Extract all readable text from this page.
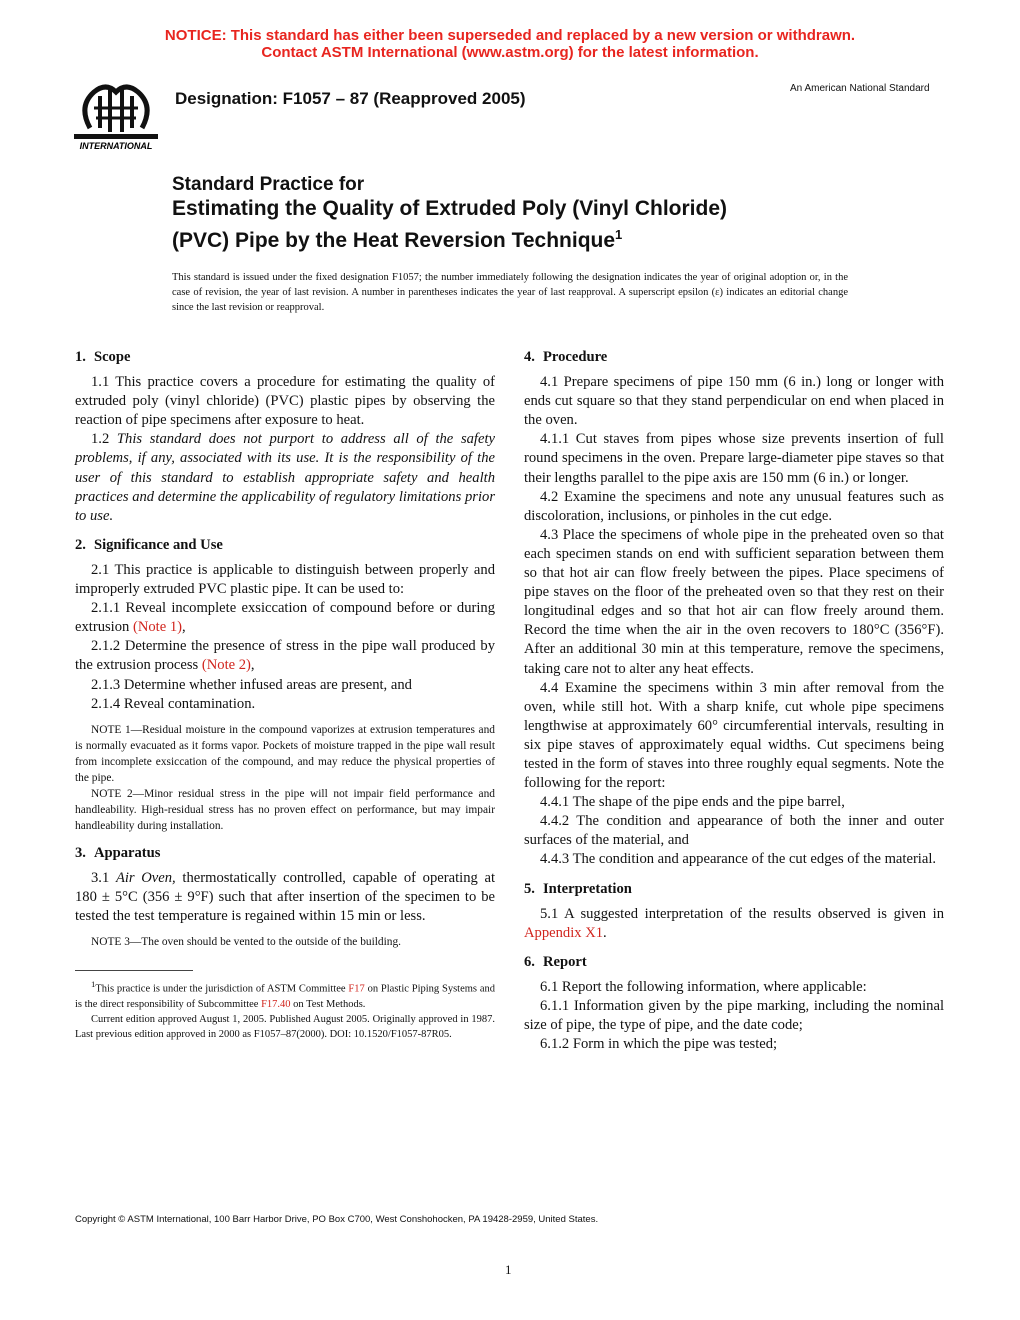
NOTICE: This standard has either been superseded and replaced by a new version or withdrawn.
Contact ASTM International (www.astm.org) for the latest information.
INTERNATIONAL
Designation: F1057 – 87 (Reapproved 2005)
An American National Standard
Standard Practice for
Estimating the Quality of Extruded Poly (Vinyl Chloride)
(PVC) Pipe by the Heat Reversion Technique$^1$
This standard is issued under the fixed designation F1057; the number immediately following the designation indicates the year of original adoption or, in the case of revision, the year of last revision. A number in parentheses indicates the year of last reapproval. A superscript epsilon (ε) indicates an editorial change since the last revision or reapproval.
1. Scope

1.1 This practice covers a procedure for estimating the quality of extruded poly (vinyl chloride) (PVC) plastic pipes by observing the reaction of pipe specimens after exposure to heat.

1.2 This standard does not purport to address all of the safety problems, if any, associated with its use. It is the responsibility of the user of this standard to establish appropriate safety and health practices and determine the applicability of regulatory limitations prior to use.

2. Significance and Use

2.1 This practice is applicable to distinguish between properly and improperly extruded PVC plastic pipe. It can be used to:

2.1.1 Reveal incomplete exsiccation of compound before or during extrusion (Note 1),

2.1.2 Determine the presence of stress in the pipe wall produced by the extrusion process (Note 2),

2.1.3 Determine whether infused areas are present, and

2.1.4 Reveal contamination.

NOTE 1—Residual moisture in the compound vaporizes at extrusion temperatures and is normally evacuated as it forms vapor. Pockets of moisture trapped in the pipe wall result from incomplete exsiccation of the compound, and may reduce the physical properties of the pipe.

NOTE 2—Minor residual stress in the pipe will not impair field performance and handleability. High-residual stress has no proven effect on performance, but may impair handleability during installation.

3. Apparatus

3.1 Air Oven, thermostatically controlled, capable of operating at 180 ± 5°C (356 ± 9°F) such that after insertion of the specimen to be tested the test temperature is regained within 15 min or less.

NOTE 3—The oven should be vented to the outside of the building.

$^1$This practice is under the jurisdiction of ASTM Committee F17 on Plastic Piping Systems and is the direct responsibility of Subcommittee F17.40 on Test Methods.

Current edition approved August 1, 2005. Published August 2005. Originally approved in 1987. Last previous edition approved in 2000 as F1057–87(2000). DOI: 10.1520/F1057-87R05.

4. Procedure

4.1 Prepare specimens of pipe 150 mm (6 in.) long or longer with ends cut square so that they stand perpendicular on end when placed in the oven.

4.1.1 Cut staves from pipes whose size prevents insertion of full round specimens in the oven. Prepare large-diameter pipe staves so that their lengths parallel to the pipe axis are 150 mm (6 in.) or longer.

4.2 Examine the specimens and note any unusual features such as discoloration, inclusions, or pinholes in the cut edge.

4.3 Place the specimens of whole pipe in the preheated oven so that each specimen stands on end with sufficient separation between them so that hot air can flow freely between the pipes. Place specimens of pipe staves on the floor of the preheated oven so that they rest on their longitudinal edges and so that hot air can flow freely around them. Record the time when the air in the oven recovers to 180°C (356°F). After an additional 30 min at this temperature, remove the specimens, taking care not to alter any heat effects.

4.4 Examine the specimens within 3 min after removal from the oven, while still hot. With a sharp knife, cut whole pipe specimens lengthwise at approximately 60° circumferential intervals, resulting in six pipe staves of approximately equal widths. Cut specimens being tested in the form of staves into three roughly equal segments. Note the following for the report:

4.4.1 The shape of the pipe ends and the pipe barrel,

4.4.2 The condition and appearance of both the inner and outer surfaces of the material, and

4.4.3 The condition and appearance of the cut edges of the material.

5. Interpretation

5.1 A suggested interpretation of the results observed is given in Appendix X1.

6. Report

6.1 Report the following information, where applicable:

6.1.1 Information given by the pipe marking, including the nominal size of pipe, the type of pipe, and the date code;

6.1.2 Form in which the pipe was tested;

Copyright © ASTM International, 100 Barr Harbor Drive, PO Box C700, West Conshohocken, PA 19428-2959, United States.
1
